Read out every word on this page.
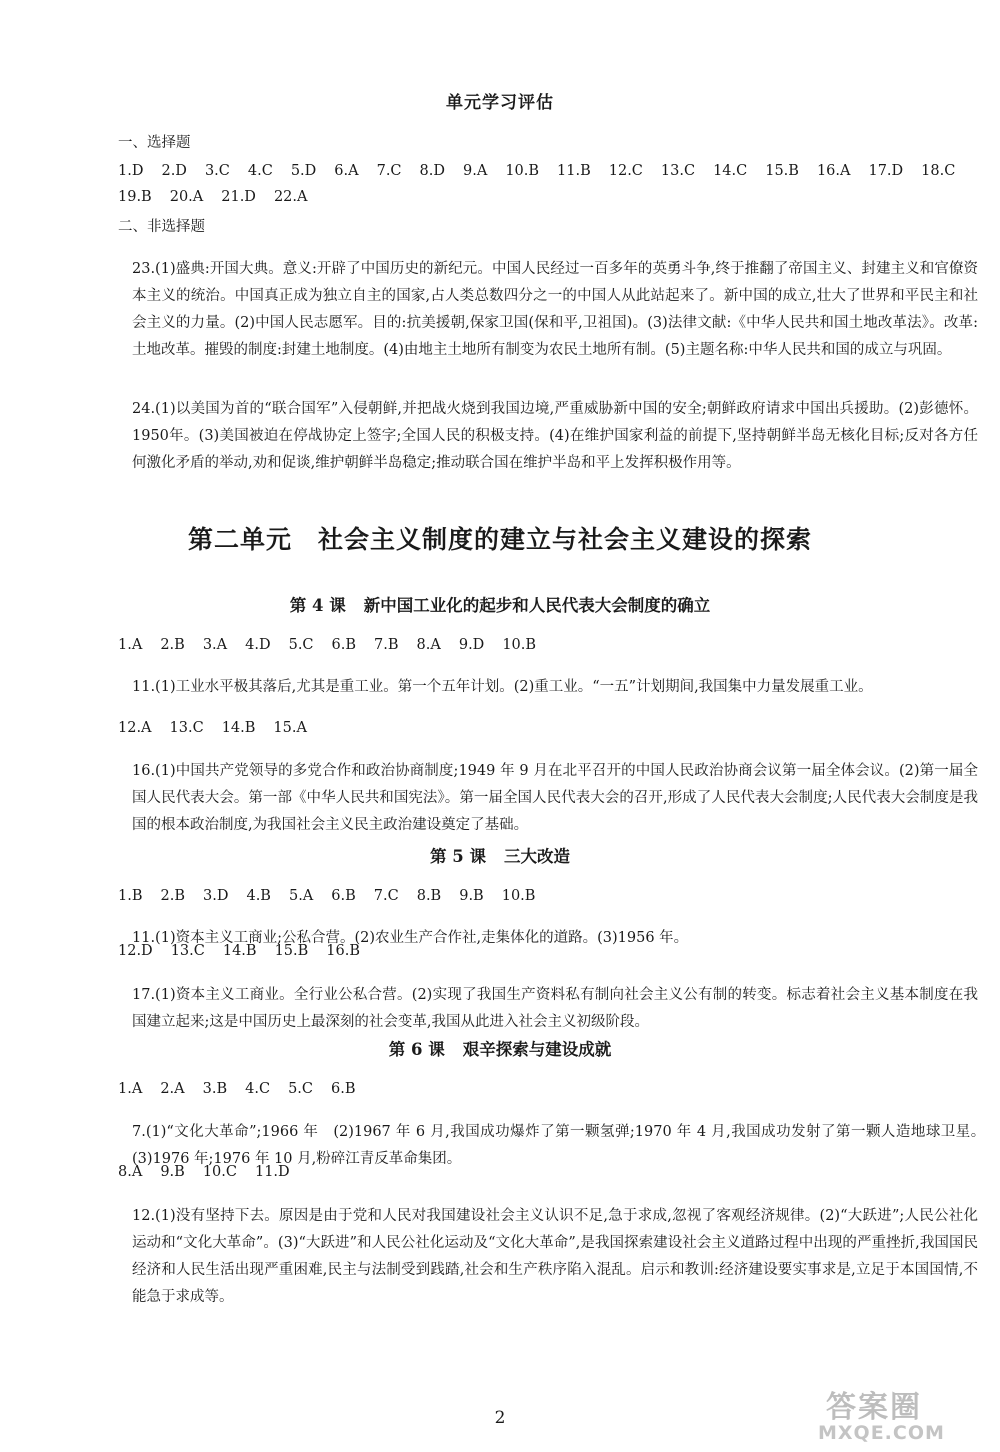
单元学习评估
一、选择题
1.D 2.D 3.C 4.C 5.D 6.A 7.C 8.D 9.A 10.B 11.B 12.C 13.C 14.C 15.B 16.A 17.D 18.C19.B 20.A 21.D 22.A
二、非选择题

23.(1)盛典:开国大典。意义:开辟了中国历史的新纪元。中国人民经过一百多年的英勇斗争,终于推翻了帝国主义、封建主义和官僚资本主义的统治。中国真正成为独立自主的国家,占人类总数四分之一的中国人从此站起来了。新中国的成立,壮大了世界和平民主和社会主义的力量。(2)中国人民志愿军。目的:抗美援朝,保家卫国(保和平,卫祖国)。(3)法律文献:《中华人民共和国土地改革法》。改革:土地改革。摧毁的制度:封建土地制度。(4)由地主土地所有制变为农民土地所有制。(5)主题名称:中华人民共和国的成立与巩固。

24.(1)以美国为首的“联合国军”入侵朝鲜,并把战火烧到我国边境,严重威胁新中国的安全;朝鲜政府请求中国出兵援助。(2)彭德怀。1950年。(3)美国被迫在停战协定上签字;全国人民的积极支持。(4)在维护国家利益的前提下,坚持朝鲜半岛无核化目标;反对各方任何激化矛盾的举动,劝和促谈,维护朝鲜半岛稳定;推动联合国在维护半岛和平上发挥积极作用等。

第二单元　社会主义制度的建立与社会主义建设的探索
第 4 课 新中国工业化的起步和人民代表大会制度的确立
1.A 2.B 3.A 4.D 5.C 6.B 7.B 8.A 9.D 10.B

11.(1)工业水平极其落后,尤其是重工业。第一个五年计划。(2)重工业。“一五”计划期间,我国集中力量发展重工业。

12.A 13.C 14.B 15.A

16.(1)中国共产党领导的多党合作和政治协商制度;1949 年 9 月在北平召开的中国人民政治协商会议第一届全体会议。(2)第一届全国人民代表大会。第一部《中华人民共和国宪法》。第一届全国人民代表大会的召开,形成了人民代表大会制度;人民代表大会制度是我国的根本政治制度,为我国社会主义民主政治建设奠定了基础。

第 5 课 三大改造
1.B 2.B 3.D 4.B 5.A 6.B 7.C 8.B 9.B 10.B

11.(1)资本主义工商业;公私合营。(2)农业生产合作社,走集体化的道路。(3)1956 年。

12.D 13.C 14.B 15.B 16.B

17.(1)资本主义工商业。全行业公私合营。(2)实现了我国生产资料私有制向社会主义公有制的转变。标志着社会主义基本制度在我国建立起来;这是中国历史上最深刻的社会变革,我国从此进入社会主义初级阶段。

第 6 课 艰辛探索与建设成就
1.A 2.A 3.B 4.C 5.C 6.B

7.(1)“文化大革命”;1966 年　(2)1967 年 6 月,我国成功爆炸了第一颗氢弹;1970 年 4 月,我国成功发射了第一颗人造地球卫星。　(3)1976 年;1976 年 10 月,粉碎江青反革命集团。

8.A 9.B 10.C 11.D

12.(1)没有坚持下去。原因是由于党和人民对我国建设社会主义认识不足,急于求成,忽视了客观经济规律。(2)“大跃进”;人民公社化运动和“文化大革命”。(3)“大跃进”和人民公社化运动及“文化大革命”,是我国探索建设社会主义道路过程中出现的严重挫折,我国国民经济和人民生活出现严重困难,民主与法制受到践踏,社会和生产秩序陷入混乱。启示和教训:经济建设要实事求是,立足于本国国情,不能急于求成等。

2	答案圈
MXQE.COM
